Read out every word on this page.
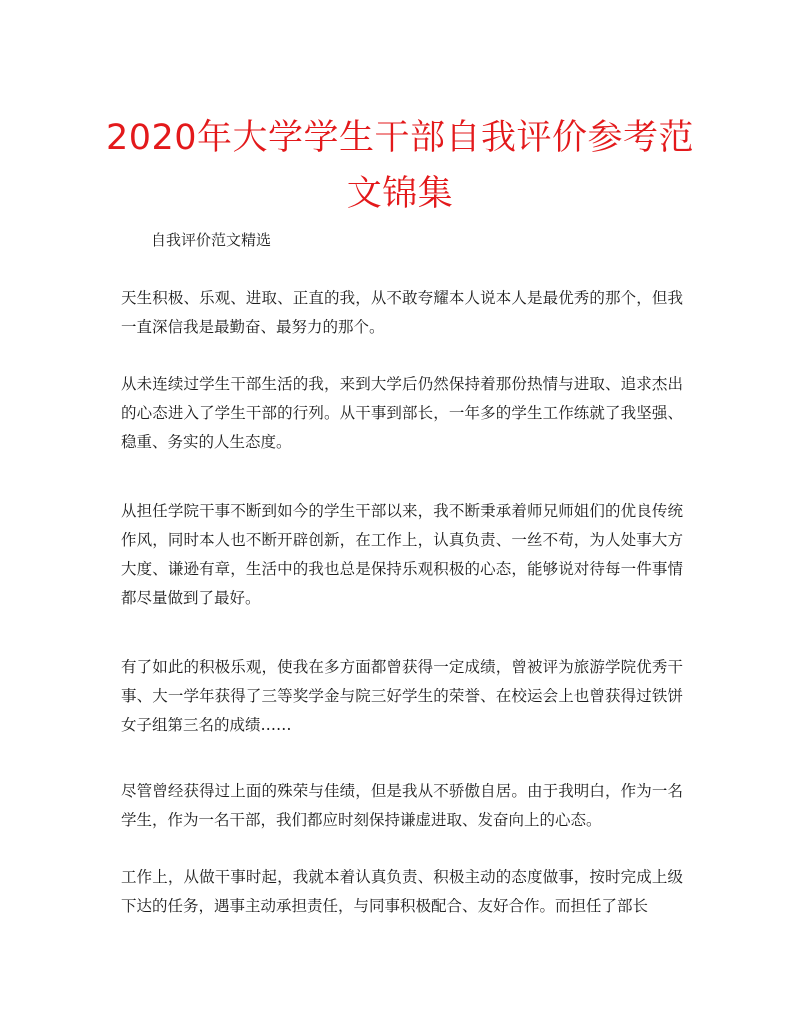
2020年大学学生干部自我评价参考范文锦集

自我评价范文精选

天生积极、乐观、进取、正直的我，从不敢夸耀本人说本人是最优秀的那个，但我一直深信我是最勤奋、最努力的那个。

从未连续过学生干部生活的我，来到大学后仍然保持着那份热情与进取、追求杰出的心态进入了学生干部的行列。从干事到部长，一年多的学生工作练就了我坚强、稳重、务实的人生态度。

从担任学院干事不断到如今的学生干部以来，我不断秉承着师兄师姐们的优良传统作风，同时本人也不断开辟创新，在工作上，认真负责、一丝不苟，为人处事大方大度、谦逊有章，生活中的我也总是保持乐观积极的心态，能够说对待每一件事情都尽量做到了最好。

有了如此的积极乐观，使我在多方面都曾获得一定成绩，曾被评为旅游学院优秀干事、大一学年获得了三等奖学金与院三好学生的荣誉、在校运会上也曾获得过铁饼女子组第三名的成绩……

尽管曾经获得过上面的殊荣与佳绩，但是我从不骄傲自居。由于我明白，作为一名学生，作为一名干部，我们都应时刻保持谦虚进取、发奋向上的心态。

工作上，从做干事时起，我就本着认真负责、积极主动的态度做事，按时完成上级下达的任务，遇事主动承担责任，与同事积极配合、友好合作。而担任了部长
